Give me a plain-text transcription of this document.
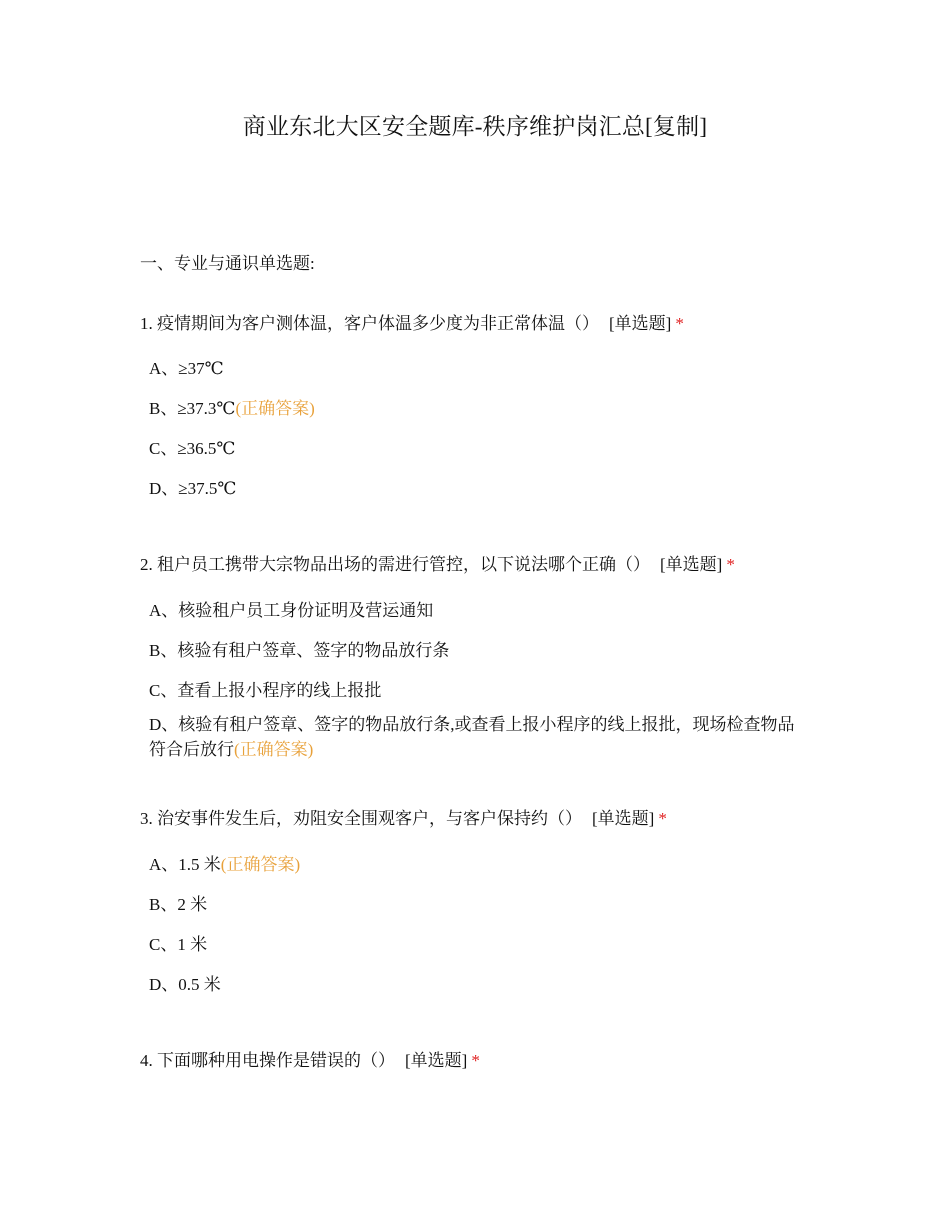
商业东北大区安全题库-秩序维护岗汇总[复制]
一、专业与通识单选题:

1. 疫情期间为客户测体温，客户体温多少度为非正常体温（） [单选题] *

A、≥37℃
B、≥37.3℃(正确答案)
C、≥36.5℃
D、≥37.5℃

2. 租户员工携带大宗物品出场的需进行管控，以下说法哪个正确（） [单选题] *

A、核验租户员工身份证明及营运通知
B、核验有租户签章、签字的物品放行条
C、查看上报小程序的线上报批
D、核验有租户签章、签字的物品放行条,或查看上报小程序的线上报批，现场检查物品符合后放行(正确答案)

3. 治安事件发生后，劝阻安全围观客户，与客户保持约（） [单选题] *

A、1.5 米(正确答案)
B、2 米
C、1 米
D、0.5 米

4. 下面哪种用电操作是错误的（） [单选题] *
